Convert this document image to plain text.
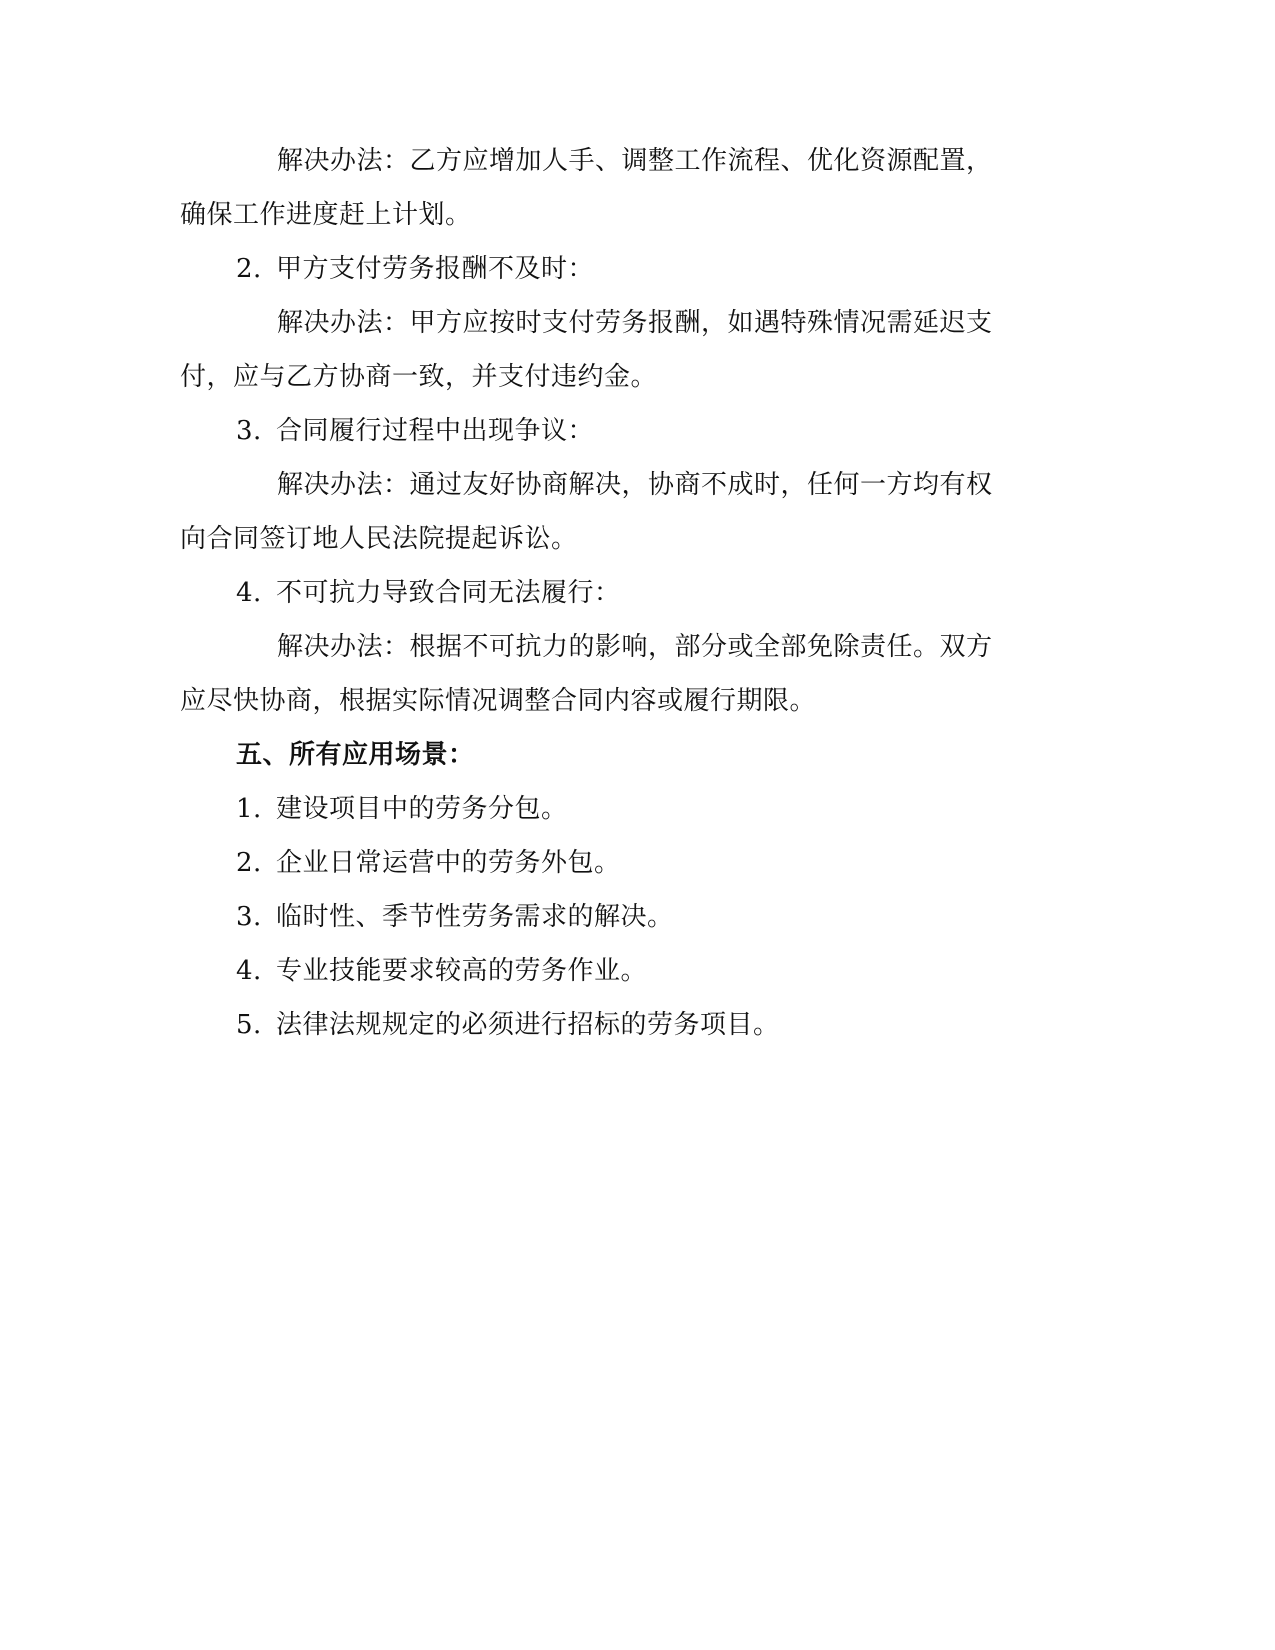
解决办法：乙方应增加人手、调整工作流程、优化资源配置，
确保工作进度赶上计划。
2. 甲方支付劳务报酬不及时：
解决办法：甲方应按时支付劳务报酬，如遇特殊情况需延迟支
付，应与乙方协商一致，并支付违约金。
3. 合同履行过程中出现争议：
解决办法：通过友好协商解决，协商不成时，任何一方均有权
向合同签订地人民法院提起诉讼。
4. 不可抗力导致合同无法履行：
解决办法：根据不可抗力的影响，部分或全部免除责任。双方
应尽快协商，根据实际情况调整合同内容或履行期限。
五、所有应用场景：
1. 建设项目中的劳务分包。
2. 企业日常运营中的劳务外包。
3. 临时性、季节性劳务需求的解决。
4. 专业技能要求较高的劳务作业。
5. 法律法规规定的必须进行招标的劳务项目。
